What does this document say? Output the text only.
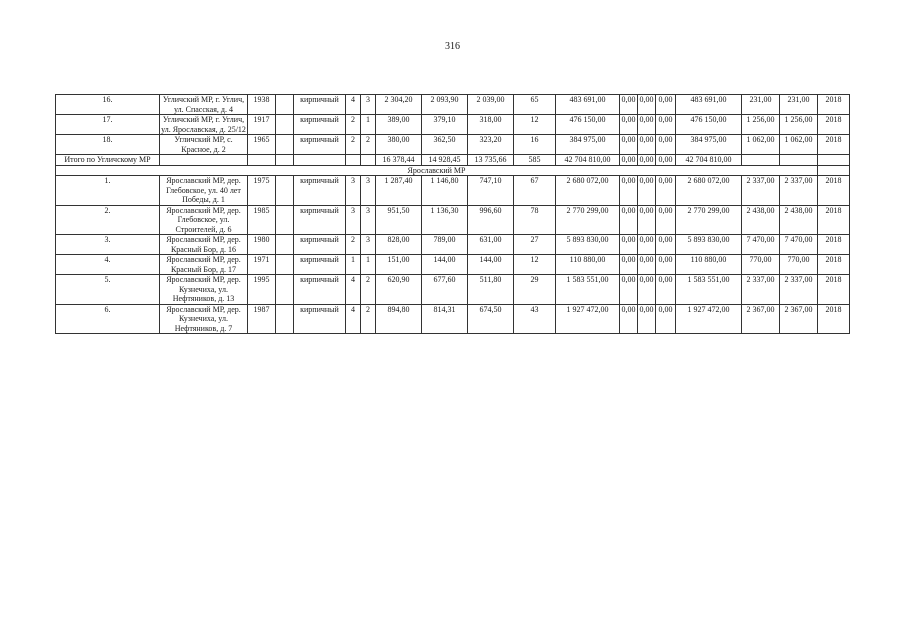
316
16.	Угличский МР, г. Углич, ул. Спасская, д. 4	1938		кирпичный	4	3	2 304,20	2 093,90	2 039,00	65	483 691,00	0,00	0,00	0,00	483 691,00	231,00	231,00	2018
17.	Угличский МР, г. Углич, ул. Ярославская, д. 25/12	1917		кирпичный	2	1	389,00	379,10	318,00	12	476 150,00	0,00	0,00	0,00	476 150,00	1 256,00	1 256,00	2018
18.	Угличский МР, с. Красное, д. 2	1965		кирпичный	2	2	380,00	362,50	323,20	16	384 975,00	0,00	0,00	0,00	384 975,00	1 062,00	1 062,00	2018
Итого по Угличскому МР							16 378,44	14 928,45	13 735,66	585	42 704 810,00	0,00	0,00	0,00	42 704 810,00			
Ярославский МР																		
1.	Ярославский МР, дер. Глебовское, ул. 40 лет Победы, д. 1	1975		кирпичный	3	3	1 287,40	1 146,80	747,10	67	2 680 072,00	0,00	0,00	0,00	2 680 072,00	2 337,00	2 337,00	2018
2.	Ярославский МР, дер. Глебовское, ул. Строителей, д. 6	1985		кирпичный	3	3	951,50	1 136,30	996,60	78	2 770 299,00	0,00	0,00	0,00	2 770 299,00	2 438,00	2 438,00	2018
3.	Ярославский МР, дер. Красный Бор, д. 16	1980		кирпичный	2	3	828,00	789,00	631,00	27	5 893 830,00	0,00	0,00	0,00	5 893 830,00	7 470,00	7 470,00	2018
4.	Ярославский МР, дер. Красный Бор, д. 17	1971		кирпичный	1	1	151,00	144,00	144,00	12	110 880,00	0,00	0,00	0,00	110 880,00	770,00	770,00	2018
5.	Ярославский МР, дер. Кузнечиха, ул. Нефтяников, д. 13	1995		кирпичный	4	2	620,90	677,60	511,80	29	1 583 551,00	0,00	0,00	0,00	1 583 551,00	2 337,00	2 337,00	2018
6.	Ярославский МР, дер. Кузнечиха, ул. Нефтяников, д. 7	1987		кирпичный	4	2	894,80	814,31	674,50	43	1 927 472,00	0,00	0,00	0,00	1 927 472,00	2 367,00	2 367,00	2018
